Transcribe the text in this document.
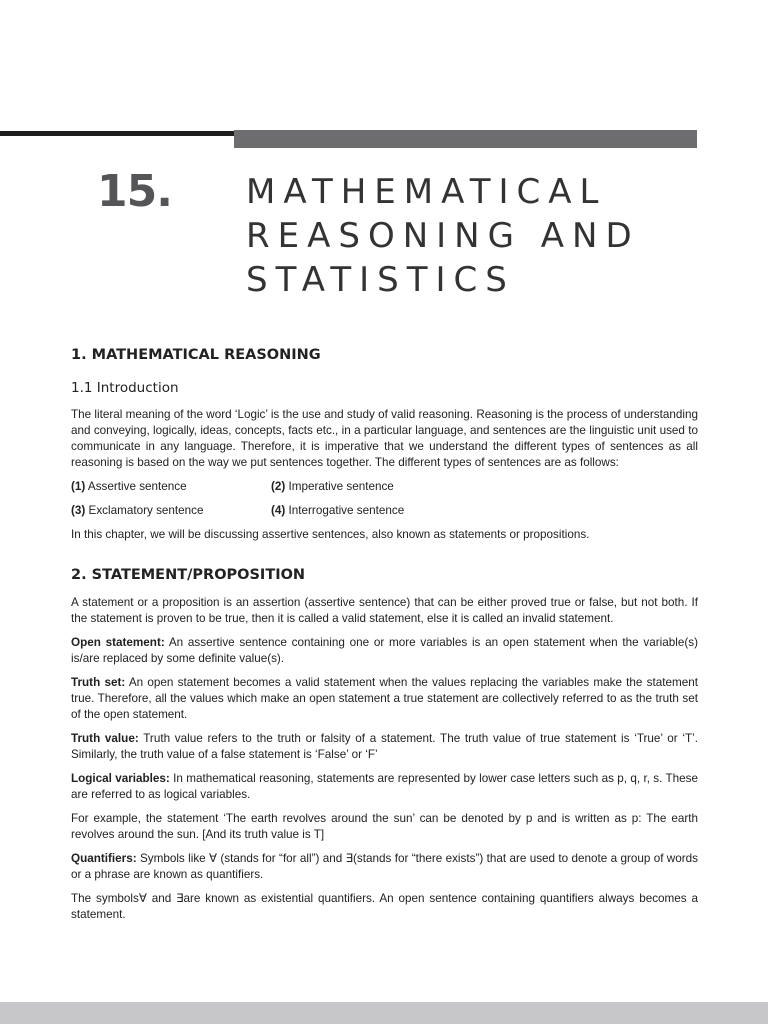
15. MATHEMATICAL
REASONING AND
STATISTICS
1. MATHEMATICAL REASONING
1.1 Introduction

The literal meaning of the word ‘Logic’ is the use and study of valid reasoning. Reasoning is the process of understanding and conveying, logically, ideas, concepts, facts etc., in a particular language, and sentences are the linguistic unit used to communicate in any language. Therefore, it is imperative that we understand the different types of sentences as all reasoning is based on the way we put sentences together. The different types of sentences are as follows:

(1) Assertive sentence	(2) Imperative sentence
(3) Exclamatory sentence	(4) Interrogative sentence

In this chapter, we will be discussing assertive sentences, also known as statements or propositions.

2. STATEMENT/PROPOSITION

A statement or a proposition is an assertion (assertive sentence) that can be either proved true or false, but not both. If the statement is proven to be true, then it is called a valid statement, else it is called an invalid statement.

Open statement: An assertive sentence containing one or more variables is an open statement when the variable(s) is/are replaced by some definite value(s).

Truth set: An open statement becomes a valid statement when the values replacing the variables make the statement true. Therefore, all the values which make an open statement a true statement are collectively referred to as the truth set of the open statement.

Truth value: Truth value refers to the truth or falsity of a statement. The truth value of true statement is ‘True’ or ‘T’. Similarly, the truth value of a false statement is ‘False’ or ‘F’

Logical variables: In mathematical reasoning, statements are represented by lower case letters such as p, q, r, s. These are referred to as logical variables.

For example, the statement ‘The earth revolves around the sun’ can be denoted by p and is written as p: The earth revolves around the sun. [And its truth value is T]

Quantifiers: Symbols like ∀ (stands for “for all”) and ∃(stands for “there exists”) that are used to denote a group of words or a phrase are known as quantifiers.

The symbols∀ and ∃are known as existential quantifiers. An open sentence containing quantifiers always becomes a statement.
